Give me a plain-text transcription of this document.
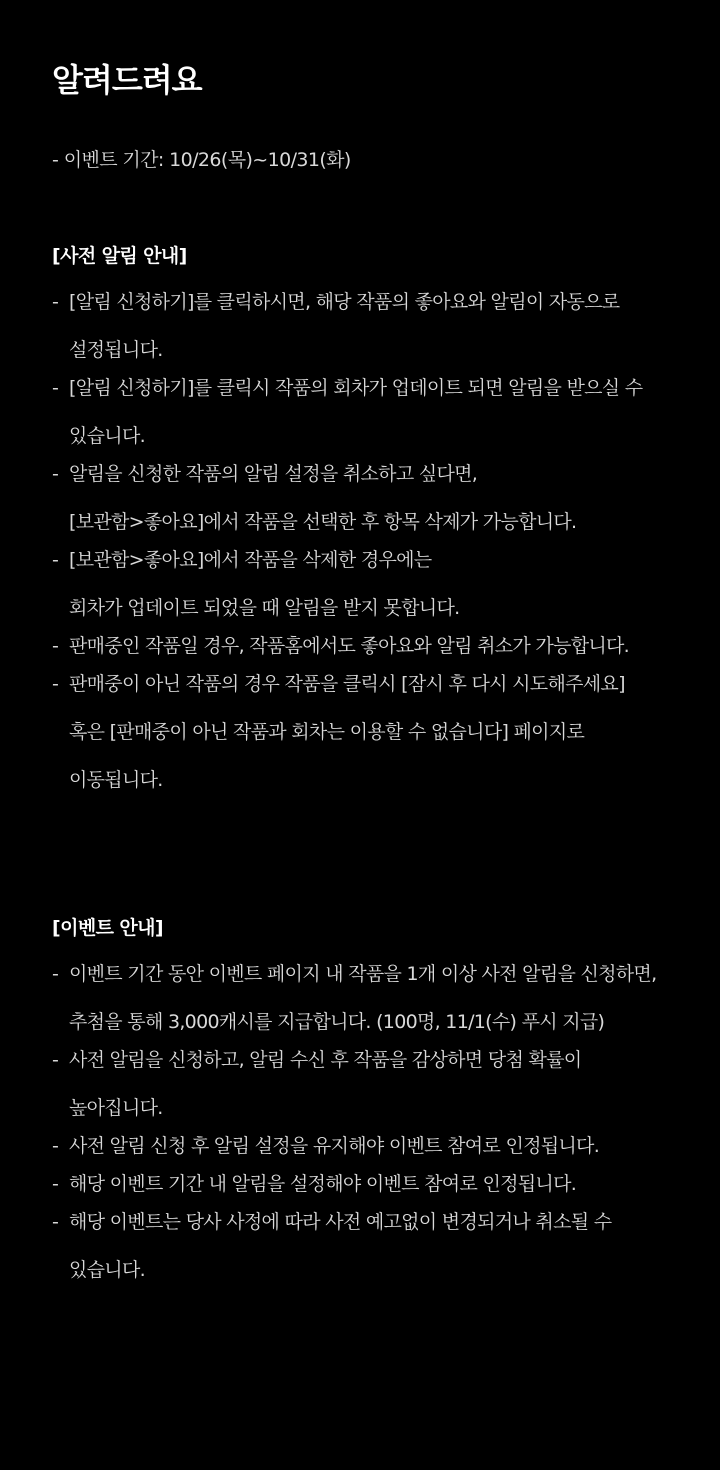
알려드려요
- 이벤트 기간: 10/26(목)~10/31(화)
[사전 알림 안내]
- [알림 신청하기]를 클릭하시면, 해당 작품의 좋아요와 알림이 자동으로
설정됩니다.
- [알림 신청하기]를 클릭시 작품의 회차가 업데이트 되면 알림을 받으실 수
있습니다.
- 알림을 신청한 작품의 알림 설정을 취소하고 싶다면,
[보관함>좋아요]에서 작품을 선택한 후 항목 삭제가 가능합니다.
- [보관함>좋아요]에서 작품을 삭제한 경우에는
회차가 업데이트 되었을 때 알림을 받지 못합니다.
- 판매중인 작품일 경우, 작품홈에서도 좋아요와 알림 취소가 가능합니다.
- 판매중이 아닌 작품의 경우 작품을 클릭시 [잠시 후 다시 시도해주세요]
혹은 [판매중이 아닌 작품과 회차는 이용할 수 없습니다] 페이지로
이동됩니다.
[이벤트 안내]
- 이벤트 기간 동안 이벤트 페이지 내 작품을 1개 이상 사전 알림을 신청하면,
추첨을 통해 3,000캐시를 지급합니다. (100명, 11/1(수) 푸시 지급)
- 사전 알림을 신청하고, 알림 수신 후 작품을 감상하면 당첨 확률이
높아집니다.
- 사전 알림 신청 후 알림 설정을 유지해야 이벤트 참여로 인정됩니다.
- 해당 이벤트 기간 내 알림을 설정해야 이벤트 참여로 인정됩니다.
- 해당 이벤트는 당사 사정에 따라 사전 예고없이 변경되거나 취소될 수
있습니다.
